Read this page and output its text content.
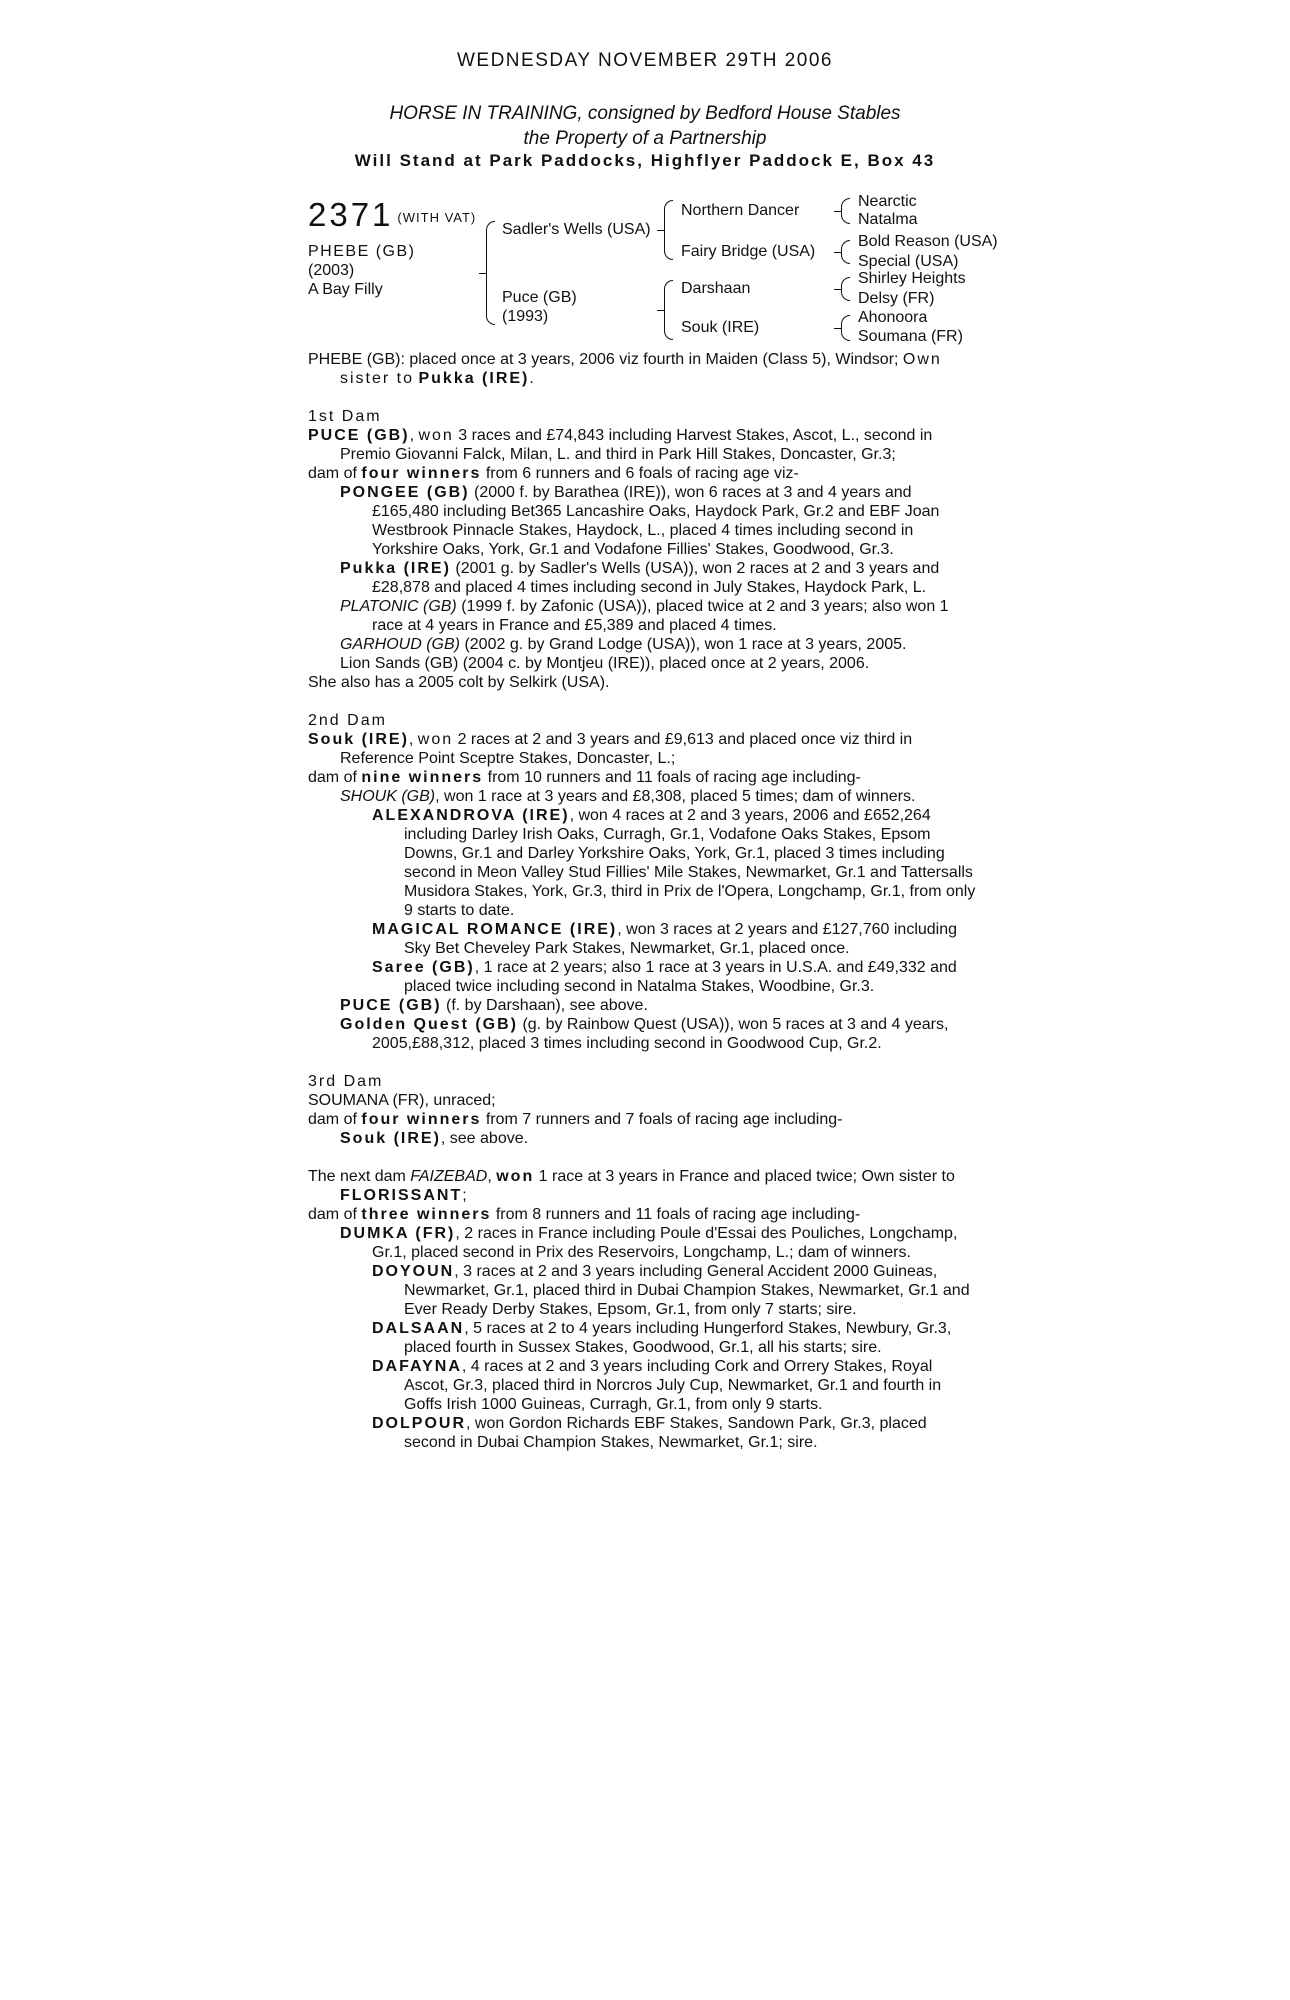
WEDNESDAY NOVEMBER 29TH 2006
HORSE IN TRAINING, consigned by Bedford House Stables
the Property of a Partnership
Will Stand at Park Paddocks, Highflyer Paddock E, Box 43
2371 (WITH VAT)
PHEBE (GB)
(2003)
A Bay Filly
Sadler's Wells (USA)
Puce (GB)
(1993)
Northern Dancer
Fairy Bridge (USA)
Darshaan
Souk (IRE)
Nearctic
Natalma
Bold Reason (USA)
Special (USA)
Shirley Heights
Delsy (FR)
Ahonoora
Soumana (FR)

PHEBE (GB): placed once at 3 years, 2006 viz fourth in Maiden (Class 5), Windsor; Own sister to Pukka (IRE).

1st Dam

PUCE (GB), won 3 races and £74,843 including Harvest Stakes, Ascot, L., second in Premio Giovanni Falck, Milan, L. and third in Park Hill Stakes, Doncaster, Gr.3;

dam of four winners from 6 runners and 6 foals of racing age viz-

PONGEE (GB) (2000 f. by Barathea (IRE)), won 6 races at 3 and 4 years and £165,480 including Bet365 Lancashire Oaks, Haydock Park, Gr.2 and EBF Joan Westbrook Pinnacle Stakes, Haydock, L., placed 4 times including second in Yorkshire Oaks, York, Gr.1 and Vodafone Fillies' Stakes, Goodwood, Gr.3.

Pukka (IRE) (2001 g. by Sadler's Wells (USA)), won 2 races at 2 and 3 years and £28,878 and placed 4 times including second in July Stakes, Haydock Park, L.

PLATONIC (GB) (1999 f. by Zafonic (USA)), placed twice at 2 and 3 years; also won 1 race at 4 years in France and £5,389 and placed 4 times.

GARHOUD (GB) (2002 g. by Grand Lodge (USA)), won 1 race at 3 years, 2005.

Lion Sands (GB) (2004 c. by Montjeu (IRE)), placed once at 2 years, 2006.

She also has a 2005 colt by Selkirk (USA).

2nd Dam

Souk (IRE), won 2 races at 2 and 3 years and £9,613 and placed once viz third in Reference Point Sceptre Stakes, Doncaster, L.;

dam of nine winners from 10 runners and 11 foals of racing age including-

SHOUK (GB), won 1 race at 3 years and £8,308, placed 5 times; dam of winners.

ALEXANDROVA (IRE), won 4 races at 2 and 3 years, 2006 and £652,264 including Darley Irish Oaks, Curragh, Gr.1, Vodafone Oaks Stakes, Epsom Downs, Gr.1 and Darley Yorkshire Oaks, York, Gr.1, placed 3 times including second in Meon Valley Stud Fillies' Mile Stakes, Newmarket, Gr.1 and Tattersalls Musidora Stakes, York, Gr.3, third in Prix de l'Opera, Longchamp, Gr.1, from only 9 starts to date.

MAGICAL ROMANCE (IRE), won 3 races at 2 years and £127,760 including Sky Bet Cheveley Park Stakes, Newmarket, Gr.1, placed once.

Saree (GB), 1 race at 2 years; also 1 race at 3 years in U.S.A. and £49,332 and placed twice including second in Natalma Stakes, Woodbine, Gr.3.

PUCE (GB) (f. by Darshaan), see above.

Golden Quest (GB) (g. by Rainbow Quest (USA)), won 5 races at 3 and 4 years, 2005,£88,312, placed 3 times including second in Goodwood Cup, Gr.2.

3rd Dam

SOUMANA (FR), unraced;

dam of four winners from 7 runners and 7 foals of racing age including-

Souk (IRE), see above.

The next dam FAIZEBAD, won 1 race at 3 years in France and placed twice; Own sister to FLORISSANT;

dam of three winners from 8 runners and 11 foals of racing age including-

DUMKA (FR), 2 races in France including Poule d'Essai des Pouliches, Longchamp, Gr.1, placed second in Prix des Reservoirs, Longchamp, L.; dam of winners.

DOYOUN, 3 races at 2 and 3 years including General Accident 2000 Guineas, Newmarket, Gr.1, placed third in Dubai Champion Stakes, Newmarket, Gr.1 and Ever Ready Derby Stakes, Epsom, Gr.1, from only 7 starts; sire.

DALSAAN, 5 races at 2 to 4 years including Hungerford Stakes, Newbury, Gr.3, placed fourth in Sussex Stakes, Goodwood, Gr.1, all his starts; sire.

DAFAYNA, 4 races at 2 and 3 years including Cork and Orrery Stakes, Royal Ascot, Gr.3, placed third in Norcros July Cup, Newmarket, Gr.1 and fourth in Goffs Irish 1000 Guineas, Curragh, Gr.1, from only 9 starts.

DOLPOUR, won Gordon Richards EBF Stakes, Sandown Park, Gr.3, placed second in Dubai Champion Stakes, Newmarket, Gr.1; sire.
